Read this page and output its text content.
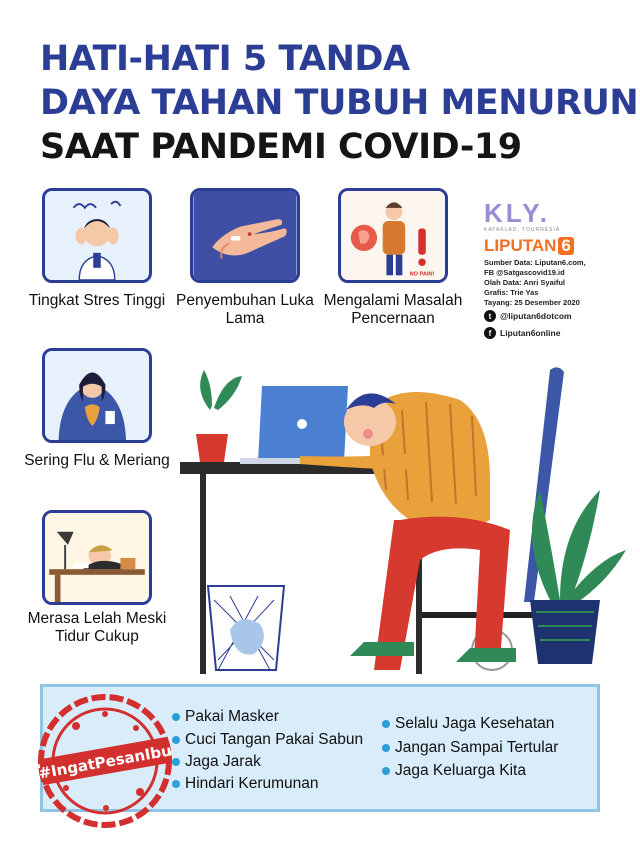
HATI-HATI 5 TANDA
DAYA TAHAN TUBUH MENURUN
SAAT PANDEMI COVID-19
Tingkat Stres Tinggi Penyembuhan Luka Lama
NO PAIN!
Mengalami Masalah Pencernaan
KLY.
KATAKLAD, TOURNESIA
LIPUTAN 6
Sumber Data: Liputan6.com,
FB @Satgascovid19.id
Olah Data: Anri Syaiful
Grafis: Trie Yas
Tayang: 25 Desember 2020
t	@liputan6dotcom
f	Liputan6online
Sering Flu & Meriang
Merasa Lelah Meski Tidur Cukup
Pakai Masker
Cuci Tangan Pakai Sabun
Jaga Jarak
Hindari Kerumunan
Selalu Jaga Kesehatan
Jangan Sampai Tertular
Jaga Keluarga Kita
#IngatPesanIbu
